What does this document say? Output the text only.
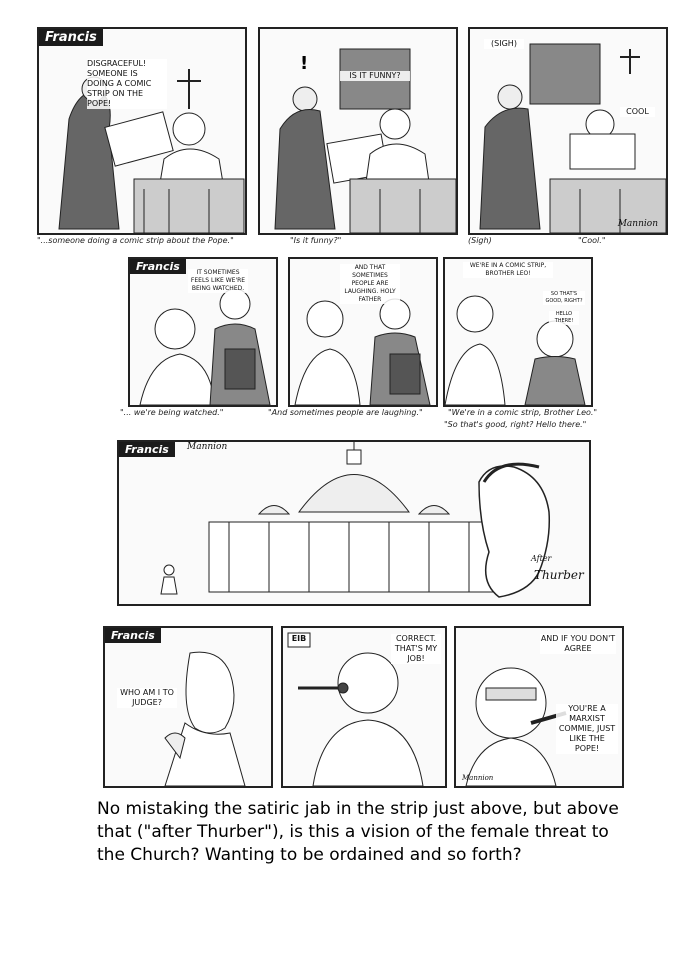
Francis
DISGRACEFUL! SOMEONE IS DOING A COMIC STRIP ON THE POPE!
!
IS IT FUNNY?
(SIGH)
COOL
Mannion
"...someone doing a comic strip about the Pope."	"Is it funny?"	(Sigh)	"Cool."
Francis	IT SOMETIMES FEELS LIKE WE'RE BEING WATCHED.
AND THAT SOMETIMES PEOPLE ARE LAUGHING. HOLY FATHER
WE'RE IN A COMIC STRIP, BROTHER LEO!
SO THAT'S GOOD, RIGHT?
HELLO THERE!
"... we're being watched."	"And sometimes people are laughing."	"We're in a comic strip, Brother Leo."
"So that's good, right? Hello there."
Francis	Mannion
After
Thurber
Francis
WHO AM I TO JUDGE?
EIB	CORRECT. THAT'S MY JOB!
AND IF YOU DON'T AGREE
YOU'RE A MARXIST COMMIE, JUST LIKE THE POPE!
Mannion
No mistaking the satiric jab in the strip just above, but above that ("after Thurber"), is this a vision of the female threat to the Church? Wanting to be ordained and so forth?
